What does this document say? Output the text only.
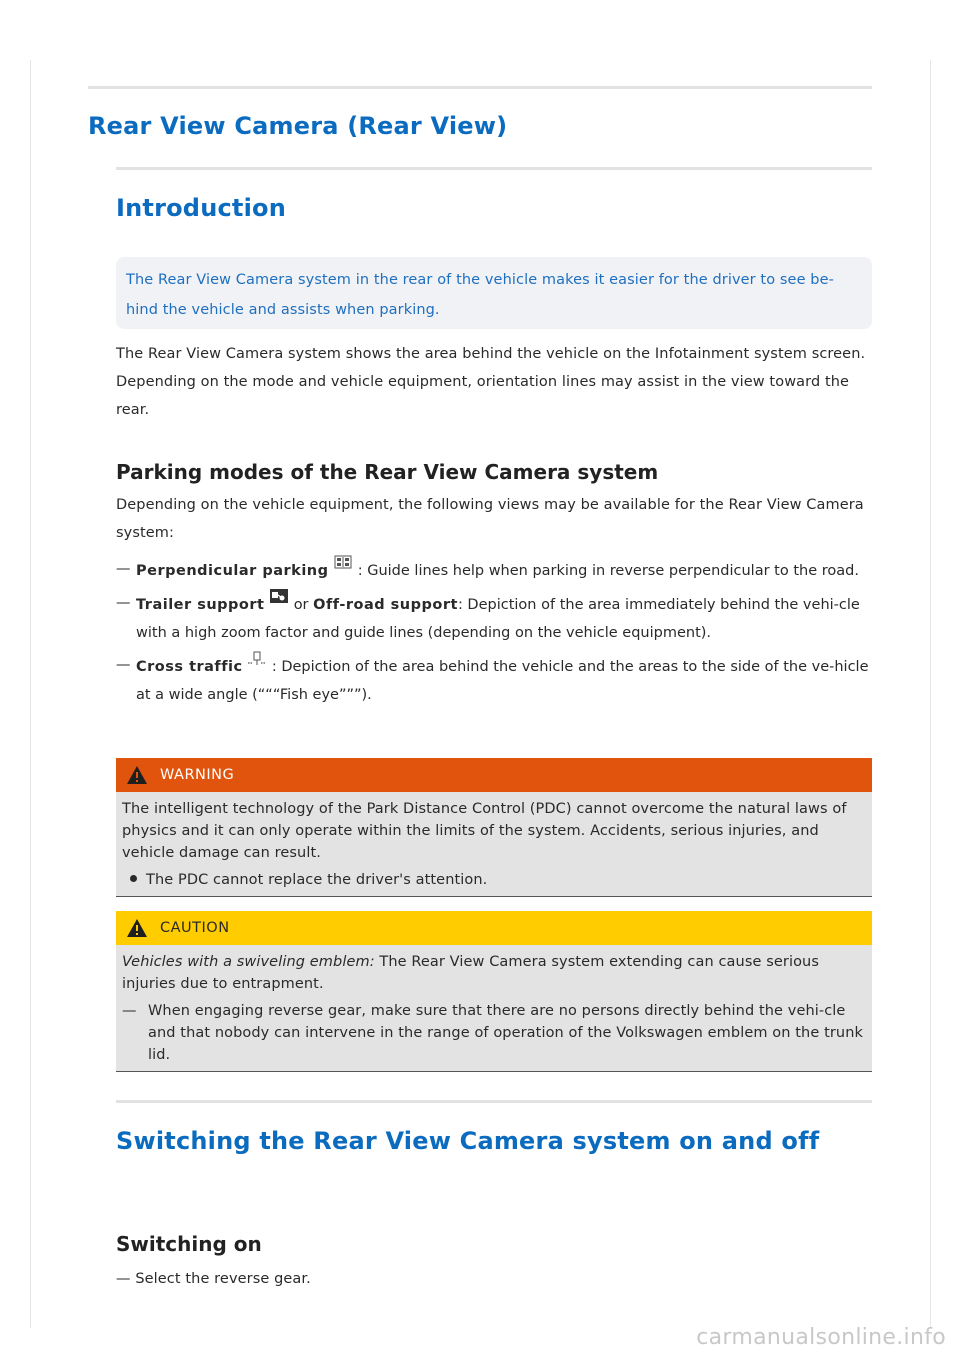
Rear View Camera (Rear View)
Introduction
The Rear View Camera system in the rear of the vehicle makes it easier for the driver to see be-hind the vehicle and assists when parking.

The Rear View Camera system shows the area behind the vehicle on the Infotainment system screen. Depending on the mode and vehicle equipment, orientation lines may assist in the view toward the rear.

Parking modes of the Rear View Camera system

Depending on the vehicle equipment, the following views may be available for the Rear View Camera system:

— Perpendicular parking : Guide lines help when parking in reverse perpendicular to the road.
— Trailer support  or Off-road support: Depiction of the area immediately behind the vehi-cle with a high zoom factor and guide lines (depending on the vehicle equipment).
— Cross traffic : Depiction of the area behind the vehicle and the areas to the side of the ve-hicle at a wide angle (“““Fish eye”””).
WARNING
The intelligent technology of the Park Distance Control (PDC) cannot overcome the natural laws of physics and it can only operate within the limits of the system. Accidents, serious injuries, and vehicle damage can result.
The PDC cannot replace the driver's attention.
CAUTION
Vehicles with a swiveling emblem: The Rear View Camera system extending can cause serious injuries due to entrapment.
— When engaging reverse gear, make sure that there are no persons directly behind the vehi-cle and that nobody can intervene in the range of operation of the Volkswagen emblem on the trunk lid.
Switching the Rear View Camera system on and off
Switching on
— Select the reverse gear.
carmanualsonline.info
